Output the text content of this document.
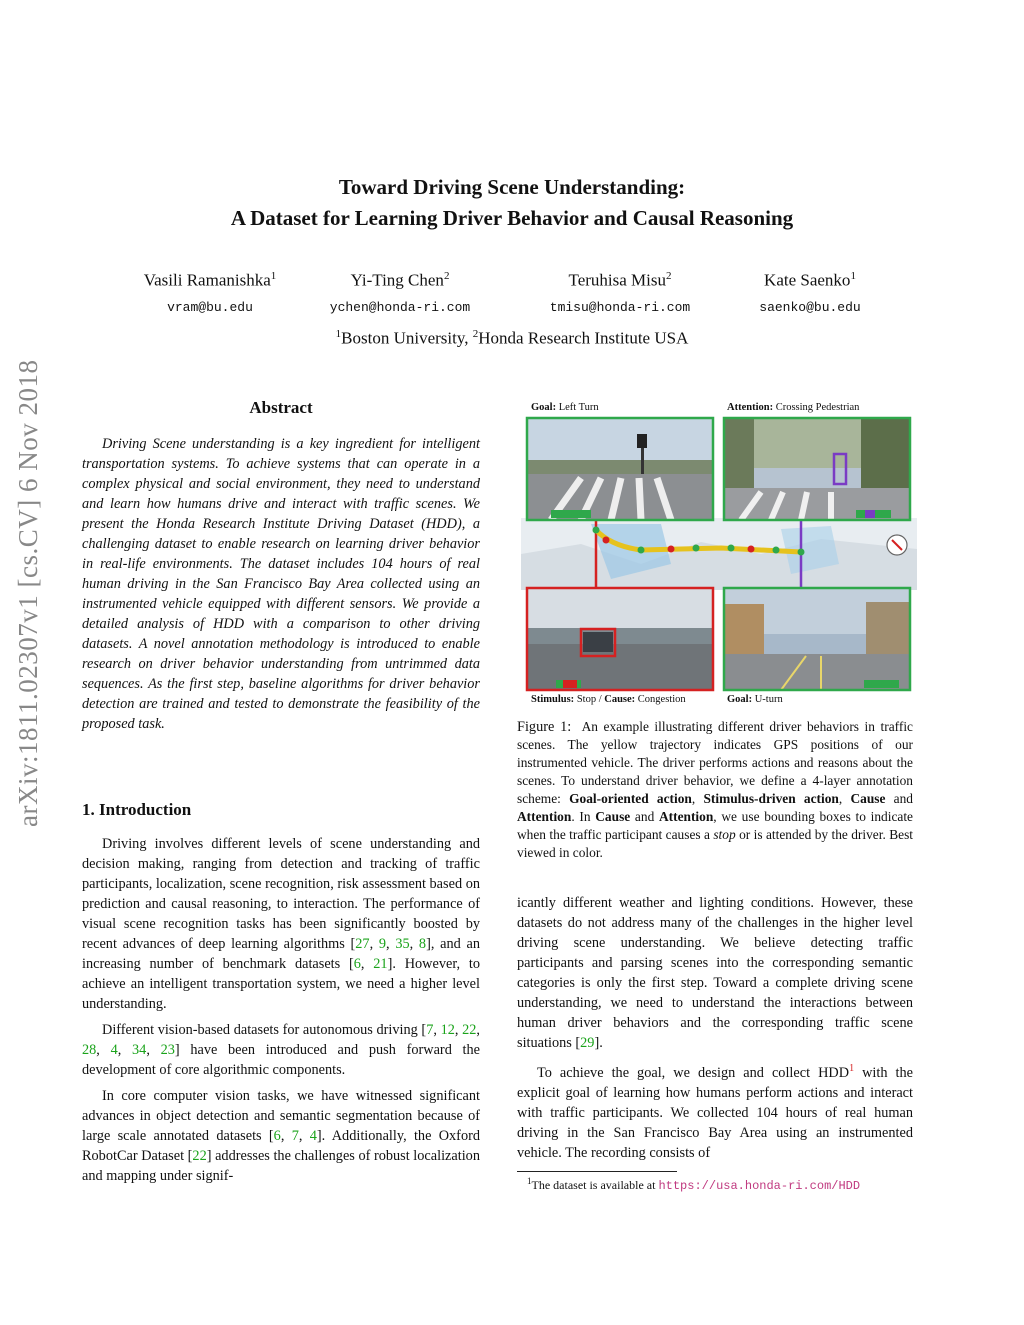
Toward Driving Scene Understanding:
A Dataset for Learning Driver Behavior and Causal Reasoning
Vasili Ramanishka$^1$	Yi-Ting Chen$^2$	Teruhisa Misu$^2$	Kate Saenko$^1$
vram@bu.edu	ychen@honda-ri.com	tmisu@honda-ri.com	saenko@bu.edu
$^1$Boston University, $^2$Honda Research Institute USA
arXiv:1811.02307v1 [cs.CV] 6 Nov 2018	Abstract

Driving Scene understanding is a key ingredient for intelligent transportation systems. To achieve systems that can operate in a complex physical and social environment, they need to understand and learn how humans drive and interact with traffic scenes. We present the Honda Research Institute Driving Dataset (HDD), a challenging dataset to enable research on learning driver behavior in real-life environments. The dataset includes 104 hours of real human driving in the San Francisco Bay Area collected using an instrumented vehicle equipped with different sensors. We provide a detailed analysis of HDD with a comparison to other driving datasets. A novel annotation methodology is introduced to enable research on driver behavior understanding from untrimmed data sequences. As the first step, baseline algorithms for driver behavior detection are trained and tested to demonstrate the feasibility of the proposed task.

1. Introduction

Driving involves different levels of scene understanding and decision making, ranging from detection and tracking of traffic participants, localization, scene recognition, risk assessment based on prediction and causal reasoning, to interaction. The performance of visual scene recognition tasks has been significantly boosted by recent advances of deep learning algorithms [27, 9, 35, 8], and an increasing number of benchmark datasets [6, 21]. However, to achieve an intelligent transportation system, we need a higher level understanding.

Different vision-based datasets for autonomous driving [7, 12, 22, 28, 4, 34, 23] have been introduced and push forward the development of core algorithmic components.

In core computer vision tasks, we have witnessed significant advances in object detection and semantic segmentation because of large scale annotated datasets [6, 7, 4]. Additionally, the Oxford RobotCar Dataset [22] addresses the challenges of robust localization and mapping under signif-

Goal: Left Turn	Attention: Crossing Pedestrian
Stimulus: Stop / Cause: Congestion	Goal: U-turn
Figure 1: An example illustrating different driver behaviors in traffic scenes. The yellow trajectory indicates GPS positions of our instrumented vehicle. The driver performs actions and reasons about the scenes. To understand driver behavior, we define a 4-layer annotation scheme: Goal-oriented action, Stimulus-driven action, Cause and Attention. In Cause and Attention, we use bounding boxes to indicate when the traffic participant causes a stop or is attended by the driver. Best viewed in color.

icantly different weather and lighting conditions. However, these datasets do not address many of the challenges in the higher level driving scene understanding. We believe detecting traffic participants and parsing scenes into the corresponding semantic categories is only the first step. Toward a complete driving scene understanding, we need to understand the interactions between human driver behaviors and the corresponding traffic scene situations [29].

To achieve the goal, we design and collect HDD$^1$ with the explicit goal of learning how humans perform actions and interact with traffic participants. We collected 104 hours of real human driving in the San Francisco Bay Area using an instrumented vehicle. The recording consists of

$^1$The dataset is available at https://usa.honda-ri.com/HDD
